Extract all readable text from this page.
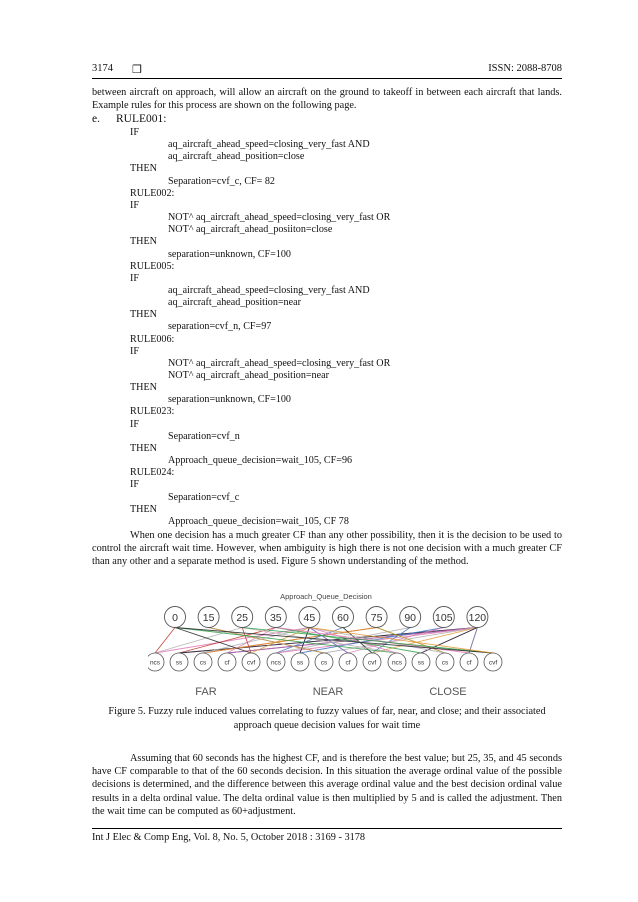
3174 ❒	ISSN: 2088-8708

between aircraft on approach, will allow an aircraft on the ground to takeoff in between each aircraft that lands. Example rules for this process are shown on the following page.

e. RULE001:
IF
aq_aircraft_ahead_speed=closing_very_fast AND
aq_aircraft_ahead_position=close
THEN
Separation=cvf_c, CF= 82
RULE002:
IF
NOT^ aq_aircraft_ahead_speed=closing_very_fast OR
NOT^ aq_aircraft_ahead_posiiton=close
THEN
separation=unknown, CF=100
RULE005:
IF
aq_aircraft_ahead_speed=closing_very_fast AND
aq_aircraft_ahead_position=near
THEN
separation=cvf_n, CF=97
RULE006:
IF
NOT^ aq_aircraft_ahead_speed=closing_very_fast OR
NOT^ aq_aircraft_ahead_position=near
THEN
separation=unknown, CF=100
RULE023:
IF
Separation=cvf_n
THEN
Approach_queue_decision=wait_105, CF=96
RULE024:
IF
Separation=cvf_c
THEN
Approach_queue_decision=wait_105, CF 78

When one decision has a much greater CF than any other possibility, then it is the decision to be used to control the aircraft wait time. However, when ambiguity is high there is not one decision with a much greater CF than any other and a separate method is used. Figure 5 shown understanding of the method.

0 15 25 35 45 60 75 90 105 120
ncs ss	cs	cf	cvf ncs ss	cs	cf	cvf ncs ss	cs	cf	cvf
Approach_Queue_Decision
FAR	NEAR	CLOSE

Figure 5. Fuzzy rule induced values correlating to fuzzy values of far, near, and close; and their associated approach queue decision values for wait time

Assuming that 60 seconds has the highest CF, and is therefore the best value; but 25, 35, and 45 seconds have CF comparable to that of the 60 seconds decision. In this situation the average ordinal value of the possible decisions is determined, and the difference between this average ordinal value and the best decision ordinal value results in a delta ordinal value. The delta ordinal value is then multiplied by 5 and is called the adjustment. Then the wait time can be computed as 60+adjustment.

Int J Elec & Comp Eng, Vol. 8, No. 5, October 2018 : 3169 - 3178
